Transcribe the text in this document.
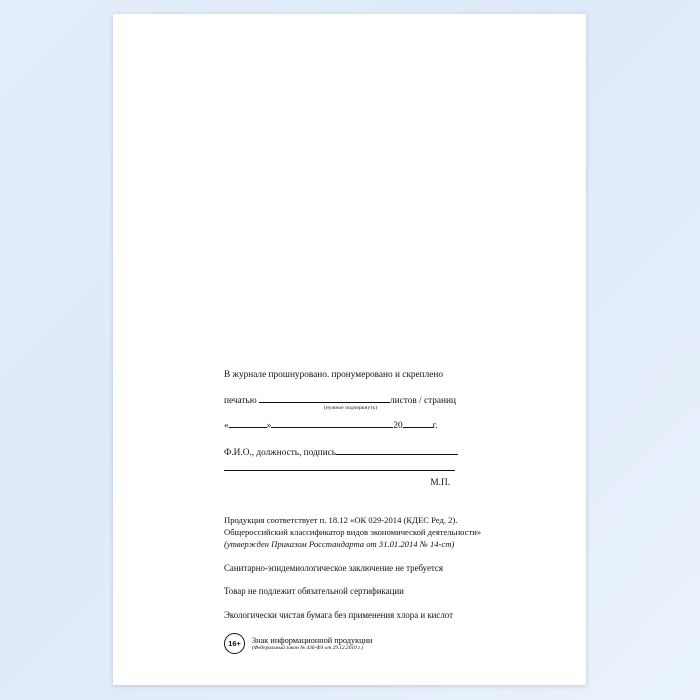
В журнале прошнуровано. пронумеровано и скреплено
печатью	листов / страниц
(нужное подчеркнуть)
«	»	20	г.
Ф.И.О., должность, подпись
М.П.
Продукция соответствует п. 18.12 «ОК 029-2014 (КДЕС Ред. 2).
Общероссийский классификатор видов экономической деятельности»
(утвержден Приказом Росстандарта от 31.01.2014 № 14-ст)
Санитарно-эпидемиологическое заключение не требуется
Товар не подлежит обязательной сертификации
Экологически чистая бумага без применения хлора и кислот
16+	Знак информационной продукции
(Федеральный закон № 436-ФЗ от 29.12.2010 г.)
